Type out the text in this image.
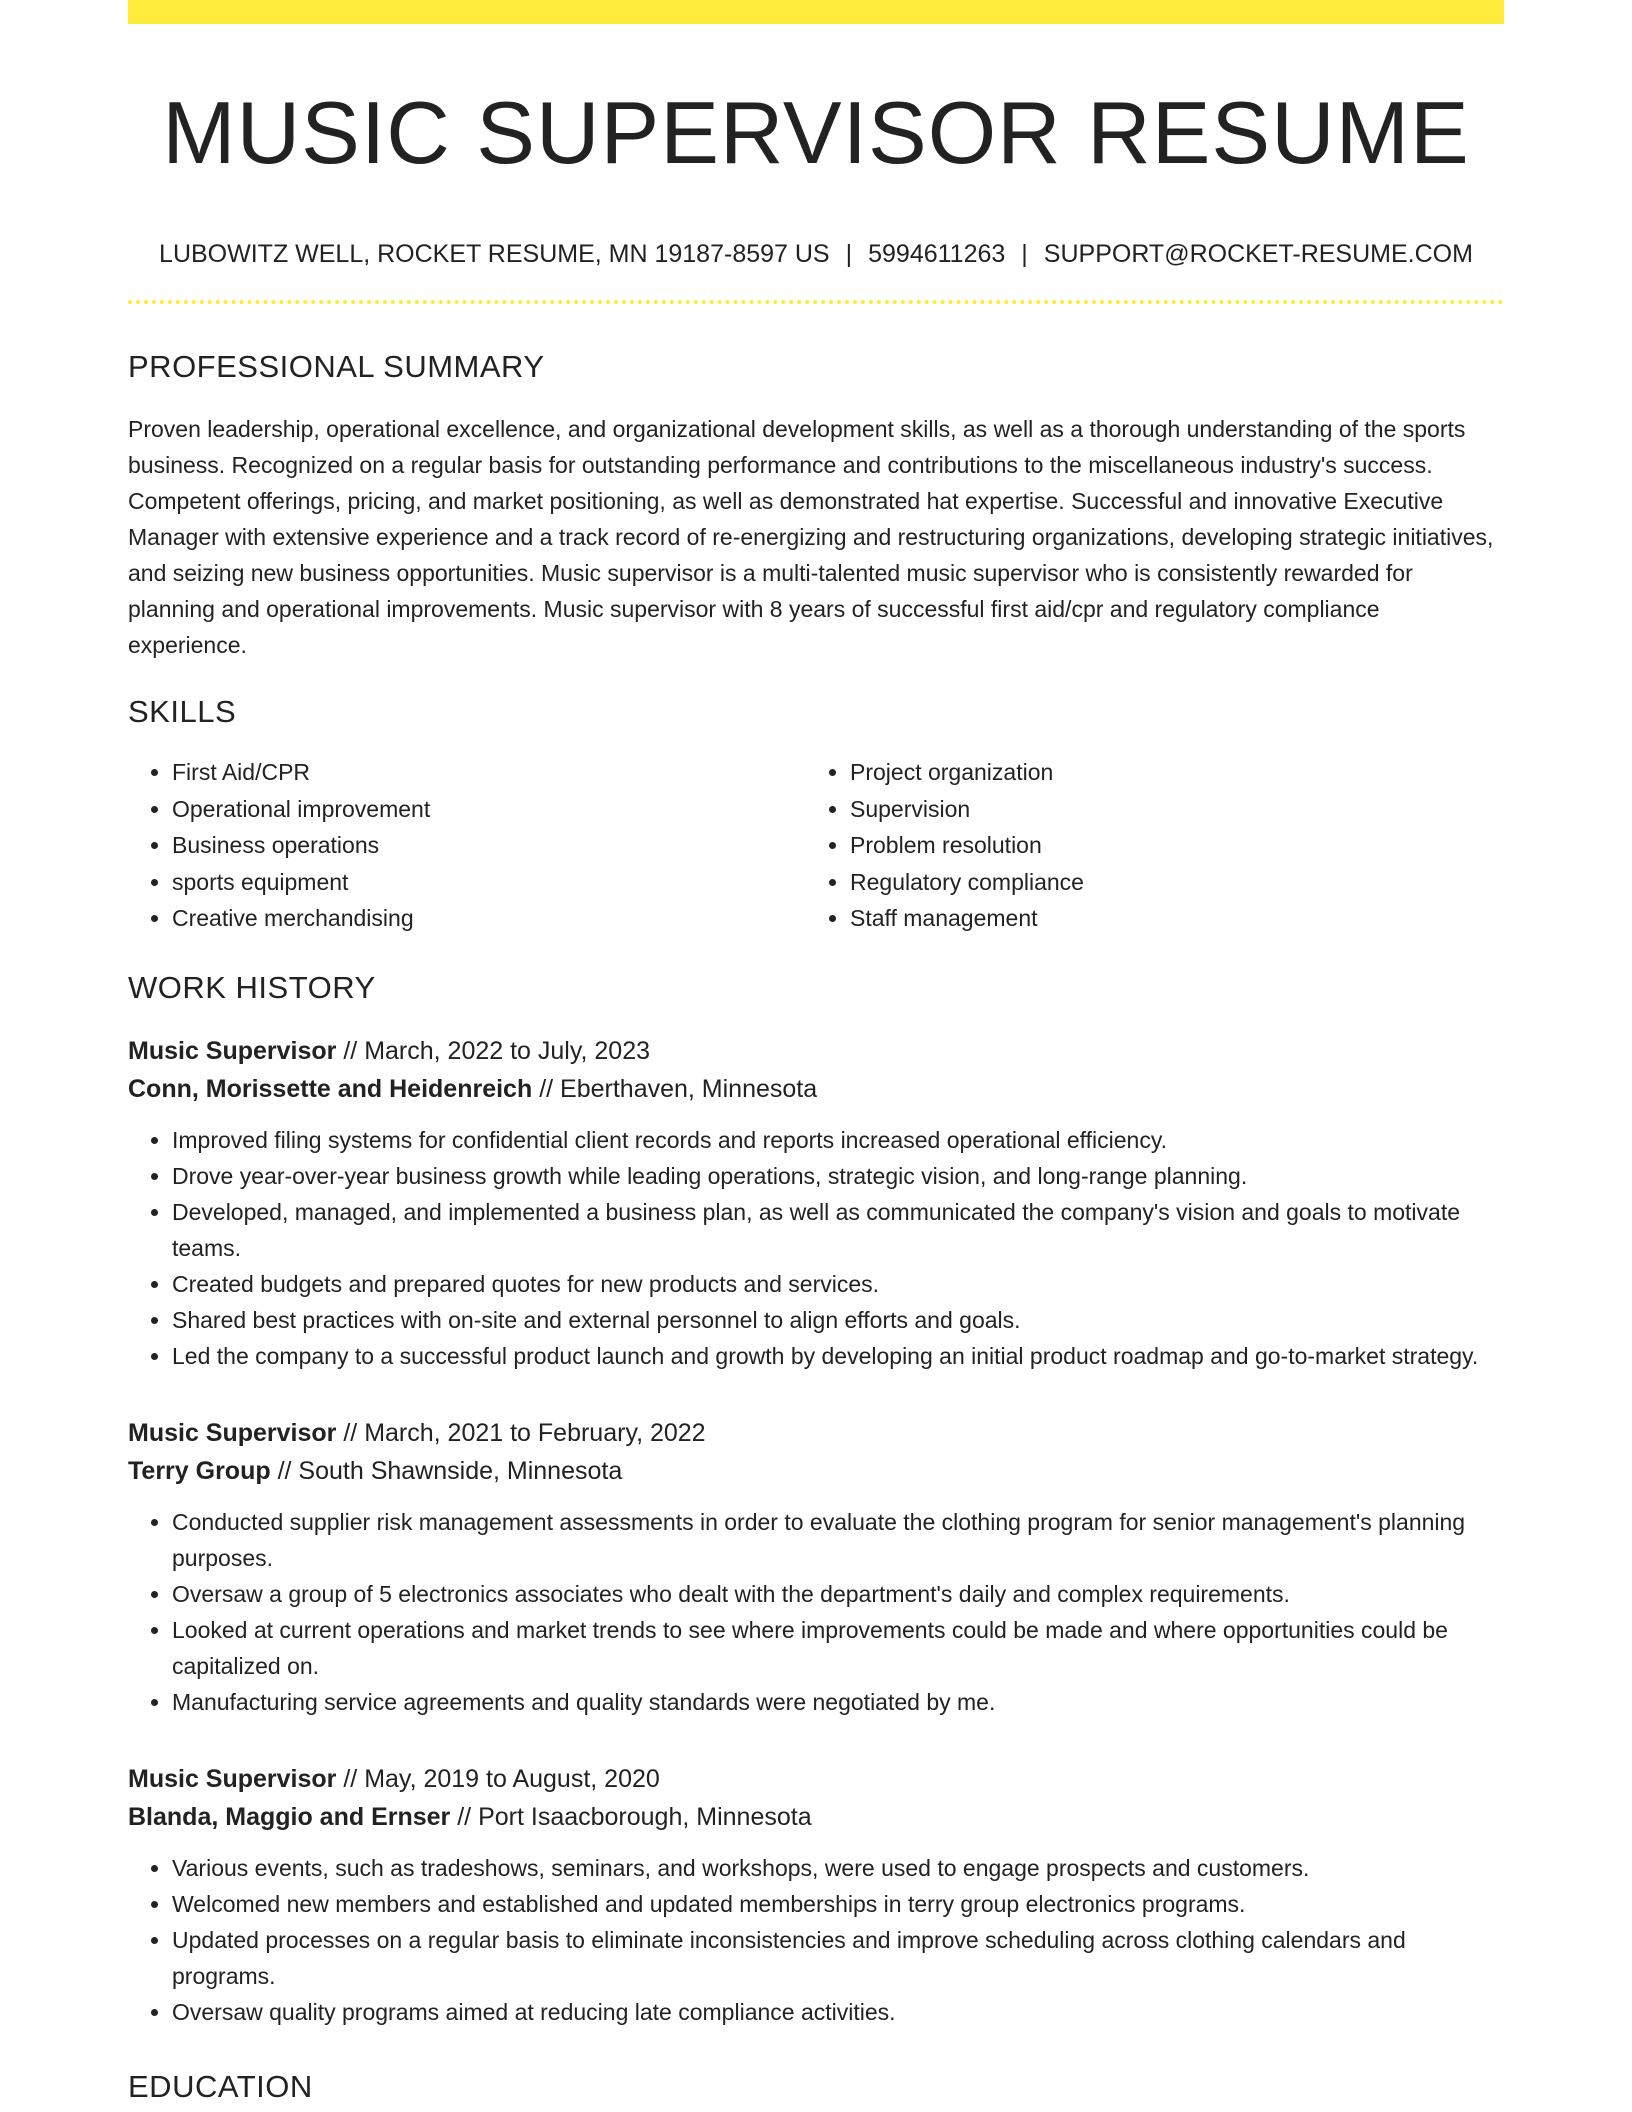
MUSIC SUPERVISOR RESUME
LUBOWITZ WELL, ROCKET RESUME, MN 19187-8597 US | 5994611263 | SUPPORT@ROCKET-RESUME.COM
PROFESSIONAL SUMMARY

Proven leadership, operational excellence, and organizational development skills, as well as a thorough understanding of the sports business. Recognized on a regular basis for outstanding performance and contributions to the miscellaneous industry's success. Competent offerings, pricing, and market positioning, as well as demonstrated hat expertise. Successful and innovative Executive Manager with extensive experience and a track record of re-energizing and restructuring organizations, developing strategic initiatives, and seizing new business opportunities. Music supervisor is a multi-talented music supervisor who is consistently rewarded for planning and operational improvements. Music supervisor with 8 years of successful first aid/cpr and regulatory compliance experience.

SKILLS
• First Aid/CPR
• Operational improvement
• Business operations
• sports equipment
• Creative merchandising
• Project organization
• Supervision
• Problem resolution
• Regulatory compliance
• Staff management
WORK HISTORY
Music Supervisor // March, 2022 to July, 2023
Conn, Morissette and Heidenreich // Eberthaven, Minnesota
• Improved filing systems for confidential client records and reports increased operational efficiency.
• Drove year-over-year business growth while leading operations, strategic vision, and long-range planning.
• Developed, managed, and implemented a business plan, as well as communicated the company's vision and goals to motivate teams.
• Created budgets and prepared quotes for new products and services.
• Shared best practices with on-site and external personnel to align efforts and goals.
• Led the company to a successful product launch and growth by developing an initial product roadmap and go-to-market strategy.
Music Supervisor // March, 2021 to February, 2022
Terry Group // South Shawnside, Minnesota
• Conducted supplier risk management assessments in order to evaluate the clothing program for senior management's planning purposes.
• Oversaw a group of 5 electronics associates who dealt with the department's daily and complex requirements.
• Looked at current operations and market trends to see where improvements could be made and where opportunities could be capitalized on.
• Manufacturing service agreements and quality standards were negotiated by me.
Music Supervisor // May, 2019 to August, 2020
Blanda, Maggio and Ernser // Port Isaacborough, Minnesota
• Various events, such as tradeshows, seminars, and workshops, were used to engage prospects and customers.
• Welcomed new members and established and updated memberships in terry group electronics programs.
• Updated processes on a regular basis to eliminate inconsistencies and improve scheduling across clothing calendars and programs.
• Oversaw quality programs aimed at reducing late compliance activities.
EDUCATION
